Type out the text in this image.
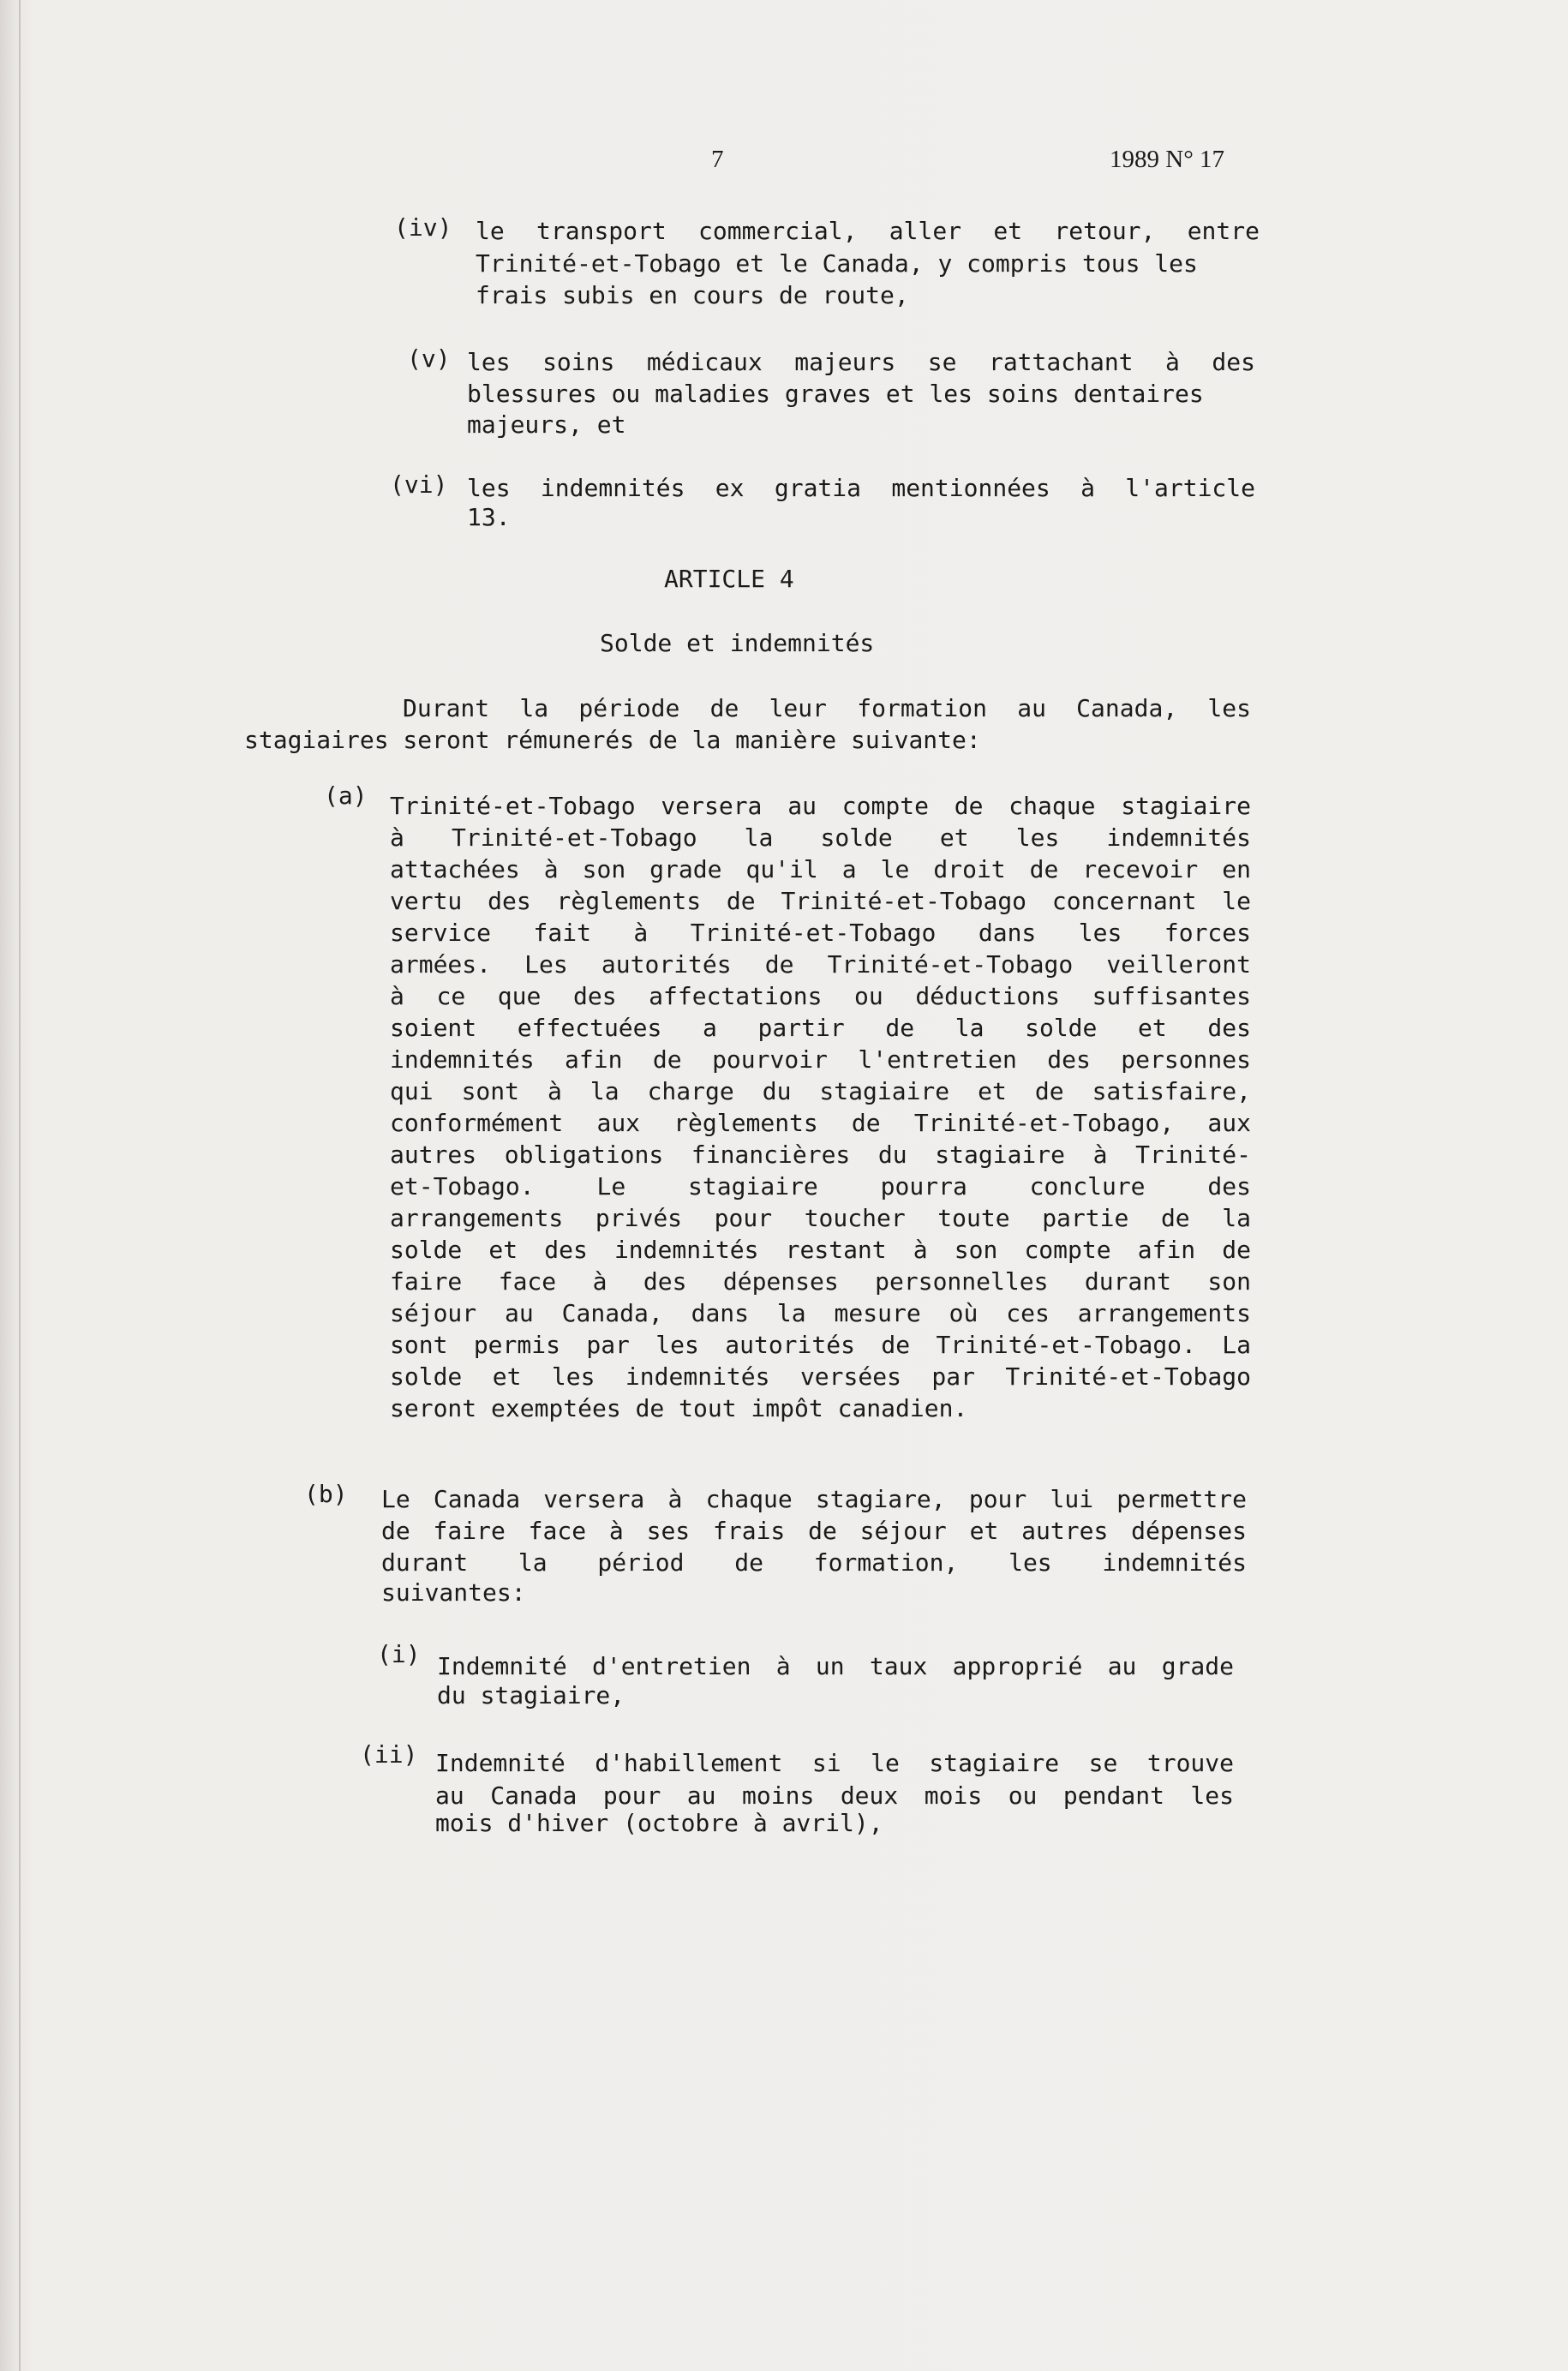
7	1989 N° 17
(iv) le transport commercial, aller et retour, entre
Trinité-et-Tobago et le Canada, y compris tous les
frais subis en cours de route,
(v) les soins médicaux majeurs se rattachant à des
blessures ou maladies graves et les soins dentaires
majeurs, et
(vi) les indemnités ex gratia mentionnées à l'article
13.
ARTICLE 4
Solde et indemnités
Durant la période de leur formation au Canada, les
stagiaires seront rémunerés de la manière suivante:
(a) Trinité-et-Tobago versera au compte de chaque stagiaire
à Trinité-et-Tobago la solde et les indemnités
attachées à son grade qu'il a le droit de recevoir en
vertu des règlements de Trinité-et-Tobago concernant le
service fait à Trinité-et-Tobago dans les forces
armées. Les autorités de Trinité-et-Tobago veilleront
à ce que des affectations ou déductions suffisantes
soient effectuées a partir de la solde et des
indemnités afin de pourvoir l'entretien des personnes
qui sont à la charge du stagiaire et de satisfaire,
conformément aux règlements de Trinité-et-Tobago, aux
autres obligations financières du stagiaire à Trinité-
et-Tobago. Le stagiaire pourra conclure des
arrangements privés pour toucher toute partie de la
solde et des indemnités restant à son compte afin de
faire face à des dépenses personnelles durant son
séjour au Canada, dans la mesure où ces arrangements
sont permis par les autorités de Trinité-et-Tobago. La
solde et les indemnités versées par Trinité-et-Tobago
seront exemptées de tout impôt canadien.
(b) Le Canada versera à chaque stagiare, pour lui permettre
de faire face à ses frais de séjour et autres dépenses
durant la périod de formation, les indemnités
suivantes:
(i) Indemnité d'entretien à un taux approprié au grade
du stagiaire,
(ii) Indemnité d'habillement si le stagiaire se trouve
au Canada pour au moins deux mois ou pendant les
mois d'hiver (octobre à avril),
